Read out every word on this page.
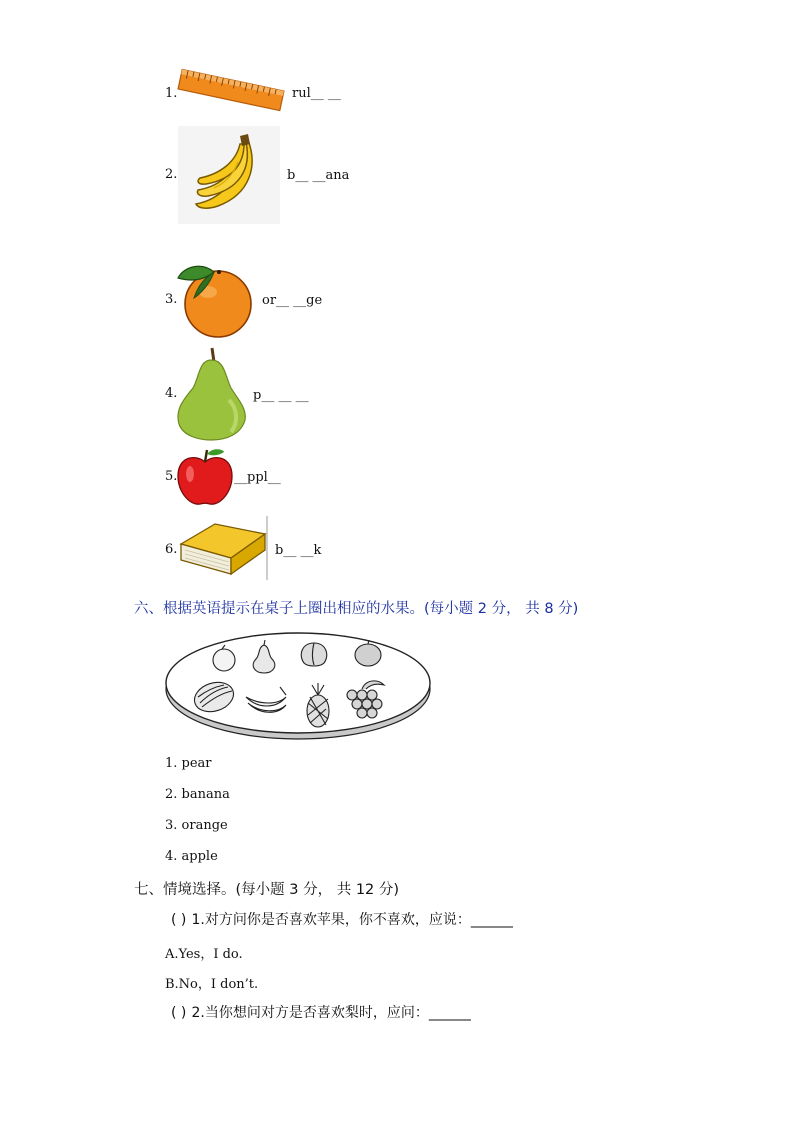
1.	rul__ __
2.	b__ __ana
3.	or__ __ge
4.	p__ __ __
5.	__ppl__
6.	b__ __k
六、根据英语提示在桌子上圈出相应的水果。(每小题 2 分， 共 8 分)
1. pear
2. banana
3. orange
4. apple
七、情境选择。(每小题 3 分， 共 12 分)
( ) 1.对方问你是否喜欢苹果，你不喜欢，应说：______
A.Yes，I do.
B.No，I don’t.
( ) 2.当你想问对方是否喜欢梨时，应问：______
